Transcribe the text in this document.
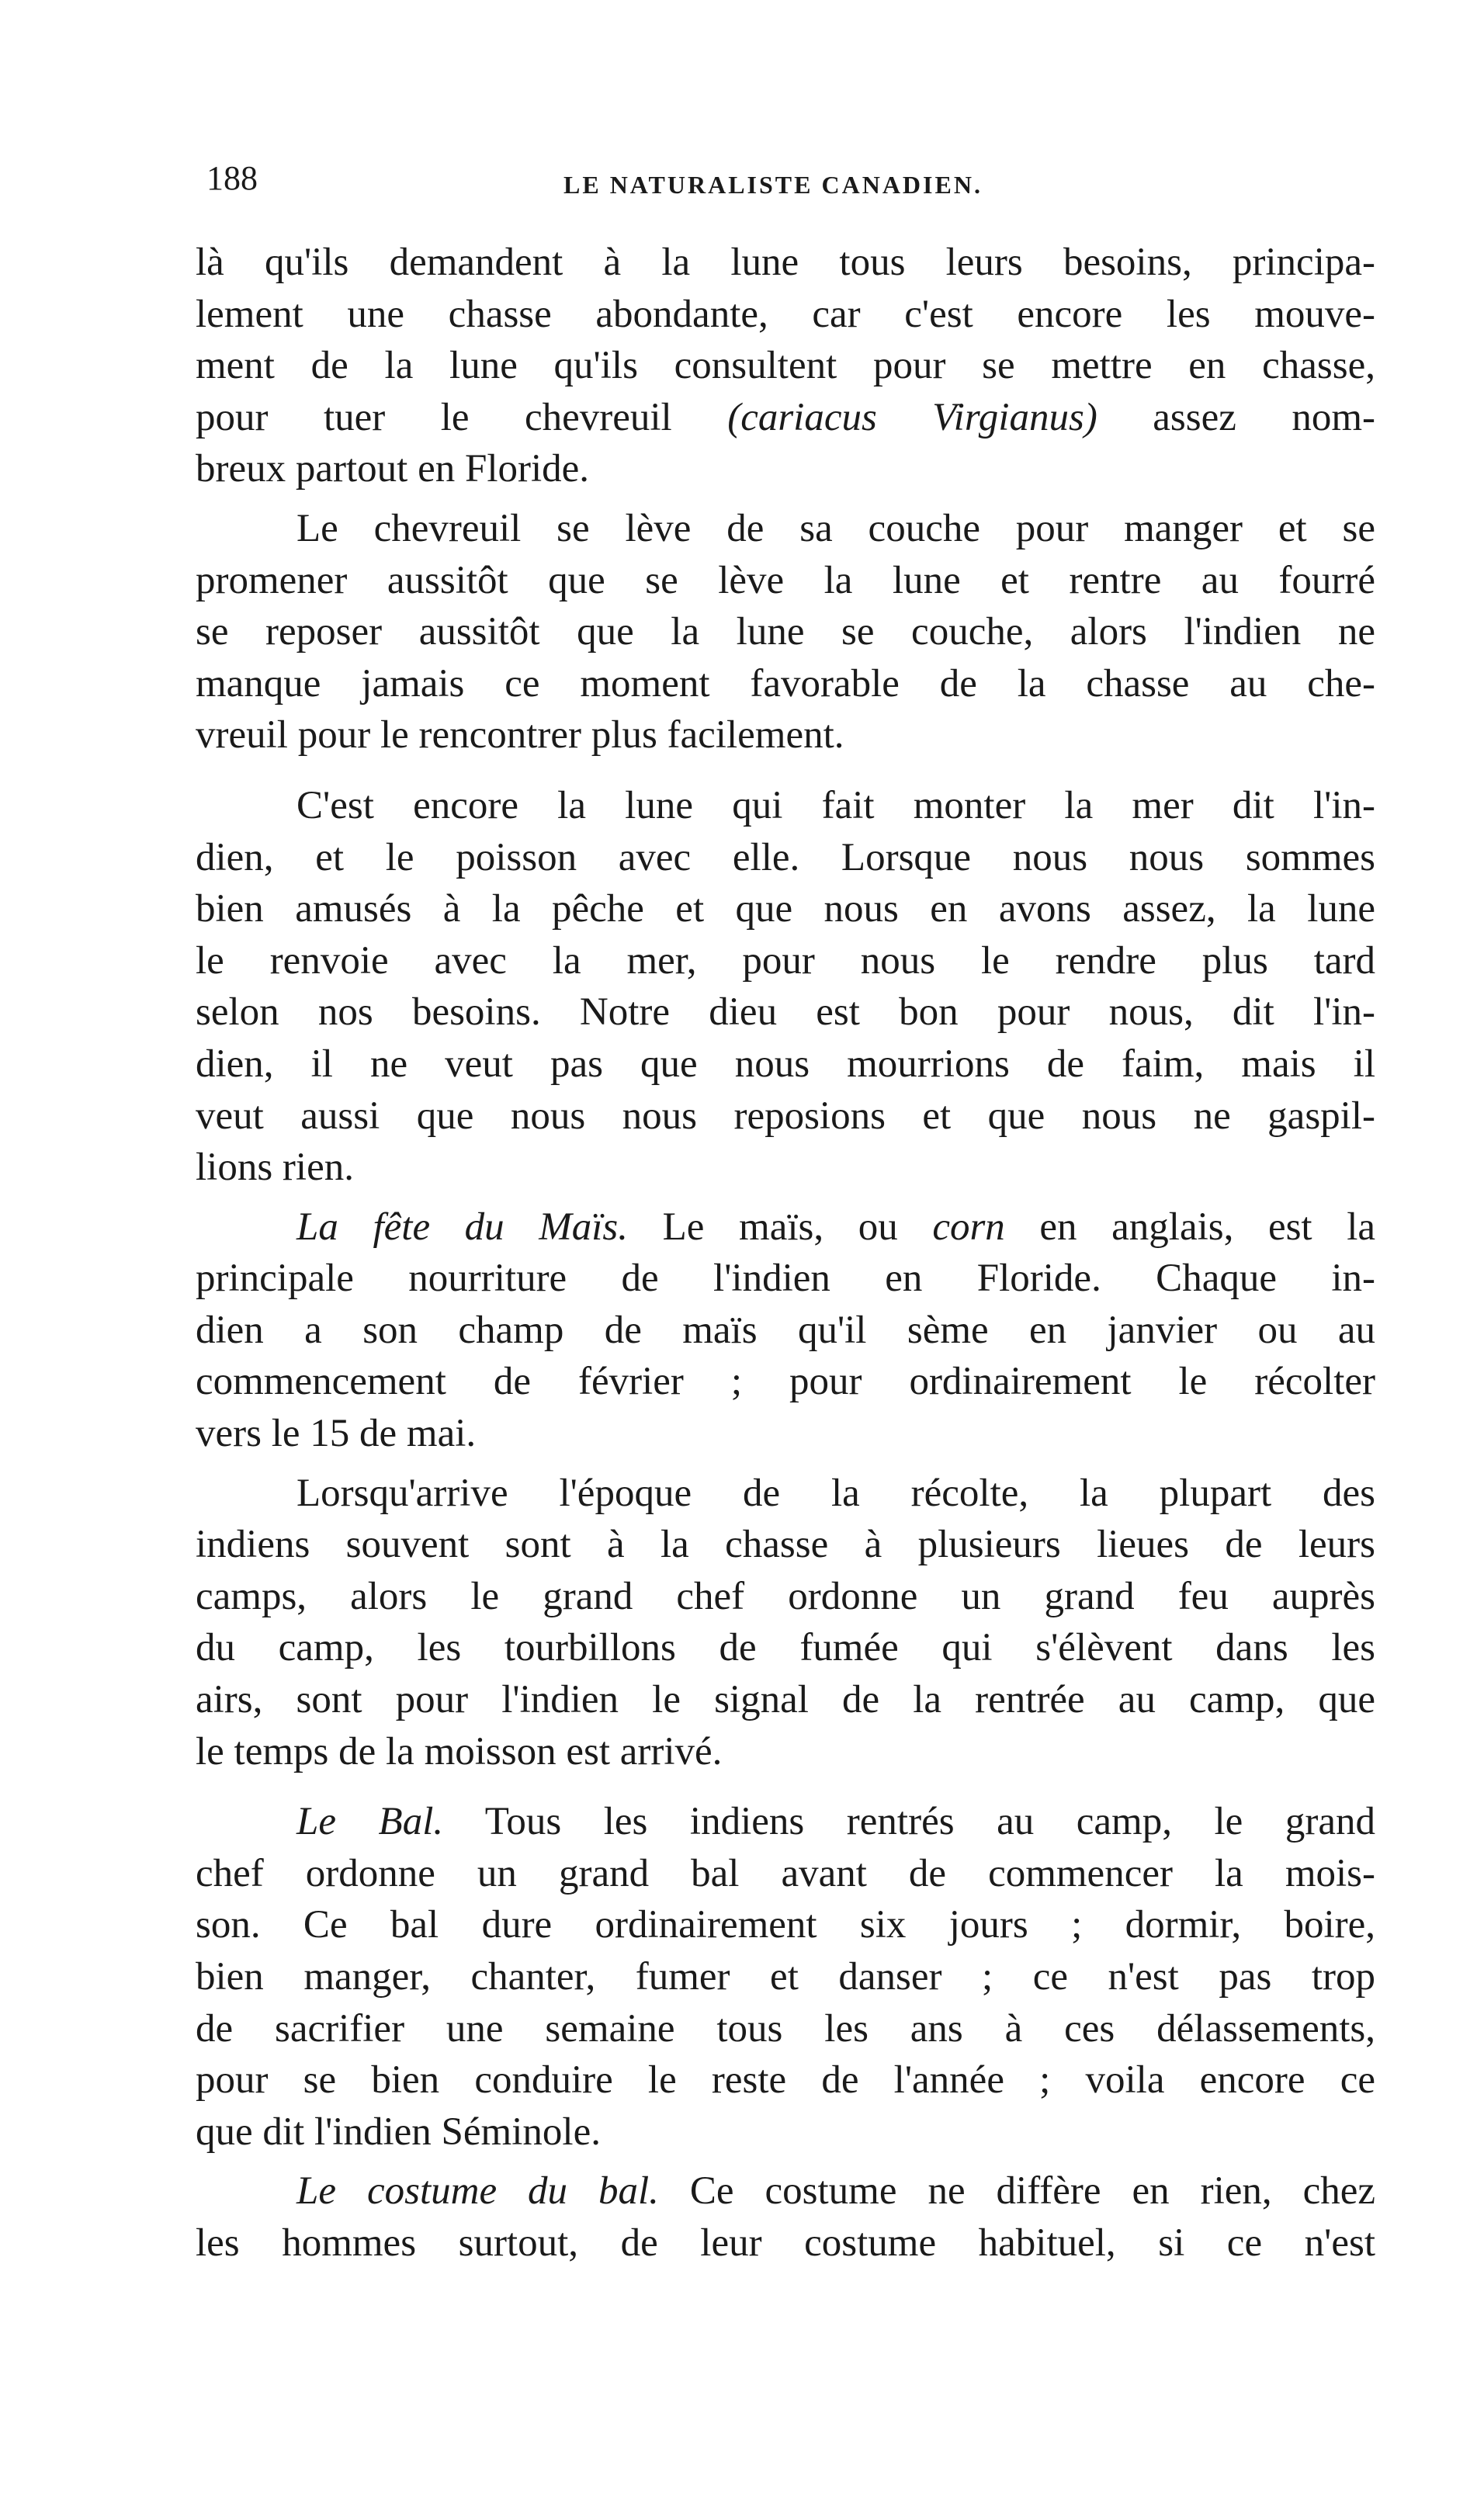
188	LE NATURALISTE CANADIEN.
là qu'ils demandent à la lune tous leurs besoins, principa-
lement une chasse abondante, car c'est encore les mouve-
ment de la lune qu'ils consultent pour se mettre en chasse,
pour tuer le chevreuil (cariacus Virgianus) assez nom-
breux partout en Floride.
Le chevreuil se lève de sa couche pour manger et se
promener aussitôt que se lève la lune et rentre au fourré
se reposer aussitôt que la lune se couche, alors l'indien ne
manque jamais ce moment favorable de la chasse au che-
vreuil pour le rencontrer plus facilement.
C'est encore la lune qui fait monter la mer dit l'in-
dien, et le poisson avec elle. Lorsque nous nous sommes
bien amusés à la pêche et que nous en avons assez, la lune
le renvoie avec la mer, pour nous le rendre plus tard
selon nos besoins. Notre dieu est bon pour nous, dit l'in-
dien, il ne veut pas que nous mourrions de faim, mais il
veut aussi que nous nous reposions et que nous ne gaspil-
lions rien.
La fête du Maïs. Le maïs, ou corn en anglais, est la
principale nourriture de l'indien en Floride. Chaque in-
dien a son champ de maïs qu'il sème en janvier ou au
commencement de février ; pour ordinairement le récolter
vers le 15 de mai.
Lorsqu'arrive l'époque de la récolte, la plupart des
indiens souvent sont à la chasse à plusieurs lieues de leurs
camps, alors le grand chef ordonne un grand feu auprès
du camp, les tourbillons de fumée qui s'élèvent dans les
airs, sont pour l'indien le signal de la rentrée au camp, que
le temps de la moisson est arrivé.
Le Bal. Tous les indiens rentrés au camp, le grand
chef ordonne un grand bal avant de commencer la mois-
son. Ce bal dure ordinairement six jours ; dormir, boire,
bien manger, chanter, fumer et danser ; ce n'est pas trop
de sacrifier une semaine tous les ans à ces délassements,
pour se bien conduire le reste de l'année ; voila encore ce
que dit l'indien Séminole.
Le costume du bal. Ce costume ne diffère en rien, chez
les hommes surtout, de leur costume habituel, si ce n'est
